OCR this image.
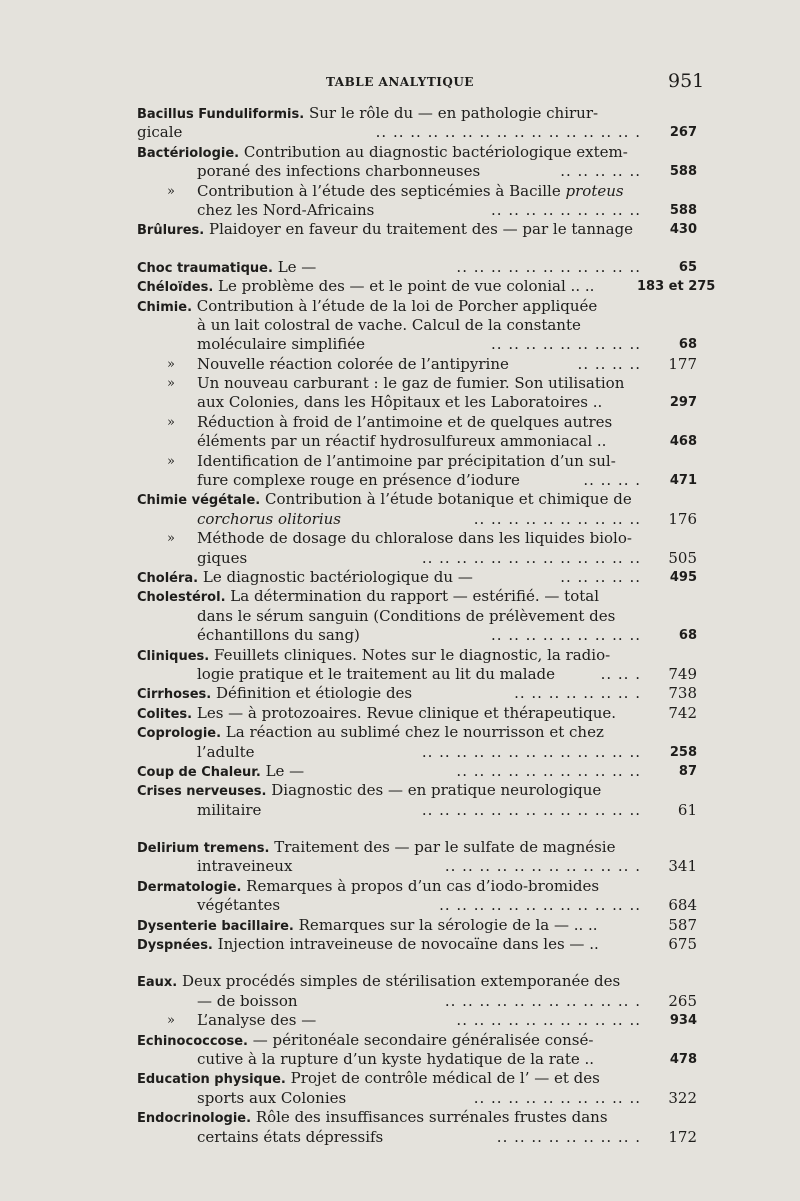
TABLE ANALYTIQUE	951
Bacillus Funduliformis. Sur le rôle du — en pathologie chirur-
gicale	.. .. .. .. .. .. .. .. .. .. .. .. .. .. .. .	267
Bactériologie. Contribution au diagnostic bactériologique extem-
porané des infections charbonneuses	.. .. .. .. ..	588
» Contribution à l’étude des septicémies à Bacille proteus
chez les Nord-Africains	.. .. .. .. .. .. .. .. ..	588
Brûlures. Plaidoyer en faveur du traitement des — par le tannage	430
Choc traumatique. Le —	.. .. .. .. .. .. .. .. .. .. ..	65
Chéloïdes. Le problème des — et le point de vue colonial .. ..	183 et 275
Chimie. Contribution à l’étude de la loi de Porcher appliquée
à un lait colostral de vache. Calcul de la constante
moléculaire simplifiée	.. .. .. .. .. .. .. .. ..	68
» Nouvelle réaction colorée de l’antipyrine	.. .. .. ..	177
» Un nouveau carburant : le gaz de fumier. Son utilisation
aux Colonies, dans les Hôpitaux et les Laboratoires ..	297
» Réduction à froid de l’antimoine et de quelques autres
éléments par un réactif hydrosulfureux ammoniacal ..	468
» Identification de l’antimoine par précipitation d’un sul-
fure complexe rouge en présence d’iodure	.. .. .. .	471
Chimie végétale. Contribution à l’étude botanique et chimique de
corchorus olitorius	.. .. .. .. .. .. .. .. .. ..	176
» Méthode de dosage du chloralose dans les liquides biolo-
giques	.. .. .. .. .. .. .. .. .. .. .. .. ..	505
Choléra. Le diagnostic bactériologique du —	.. .. .. .. ..	495
Cholestérol. La détermination du rapport — estérifié. — total
dans le sérum sanguin (Conditions de prélèvement des
échantillons du sang)	.. .. .. .. .. .. .. .. ..	68
Cliniques. Feuillets cliniques. Notes sur le diagnostic, la radio-
logie pratique et le traitement au lit du malade	.. .. .	749
Cirrhoses. Définition et étiologie des	.. .. .. .. .. .. .. .	738
Colites. Les — à protozoaires. Revue clinique et thérapeutique.	742
Coprologie. La réaction au sublimé chez le nourrisson et chez
l’adulte	.. .. .. .. .. .. .. .. .. .. .. .. ..	258
Coup de Chaleur. Le —	.. .. .. .. .. .. .. .. .. .. ..	87
Crises nerveuses. Diagnostic des — en pratique neurologique
militaire	.. .. .. .. .. .. .. .. .. .. .. .. ..	61
Delirium tremens. Traitement des — par le sulfate de magnésie
intraveineux	.. .. .. .. .. .. .. .. .. .. .. .	341
Dermatologie. Remarques à propos d’un cas d’iodo-bromides
végétantes	.. .. .. .. .. .. .. .. .. .. .. ..	684
Dysenterie bacillaire. Remarques sur la sérologie de la — .. ..	587
Dyspnées. Injection intraveineuse de novocaïne dans les — ..	675
Eaux. Deux procédés simples de stérilisation extemporanée des
— de boisson	.. .. .. .. .. .. .. .. .. .. .. .	265
» L’analyse des —	.. .. .. .. .. .. .. .. .. .. ..	934
Echinococcose. — péritonéale secondaire généralisée consé-
cutive à la rupture d’un kyste hydatique de la rate ..	478
Education physique. Projet de contrôle médical de l’ — et des
sports aux Colonies	.. .. .. .. .. .. .. .. .. ..	322
Endocrinologie. Rôle des insuffisances surrénales frustes dans
certains états dépressifs	.. .. .. .. .. .. .. .. .	172
